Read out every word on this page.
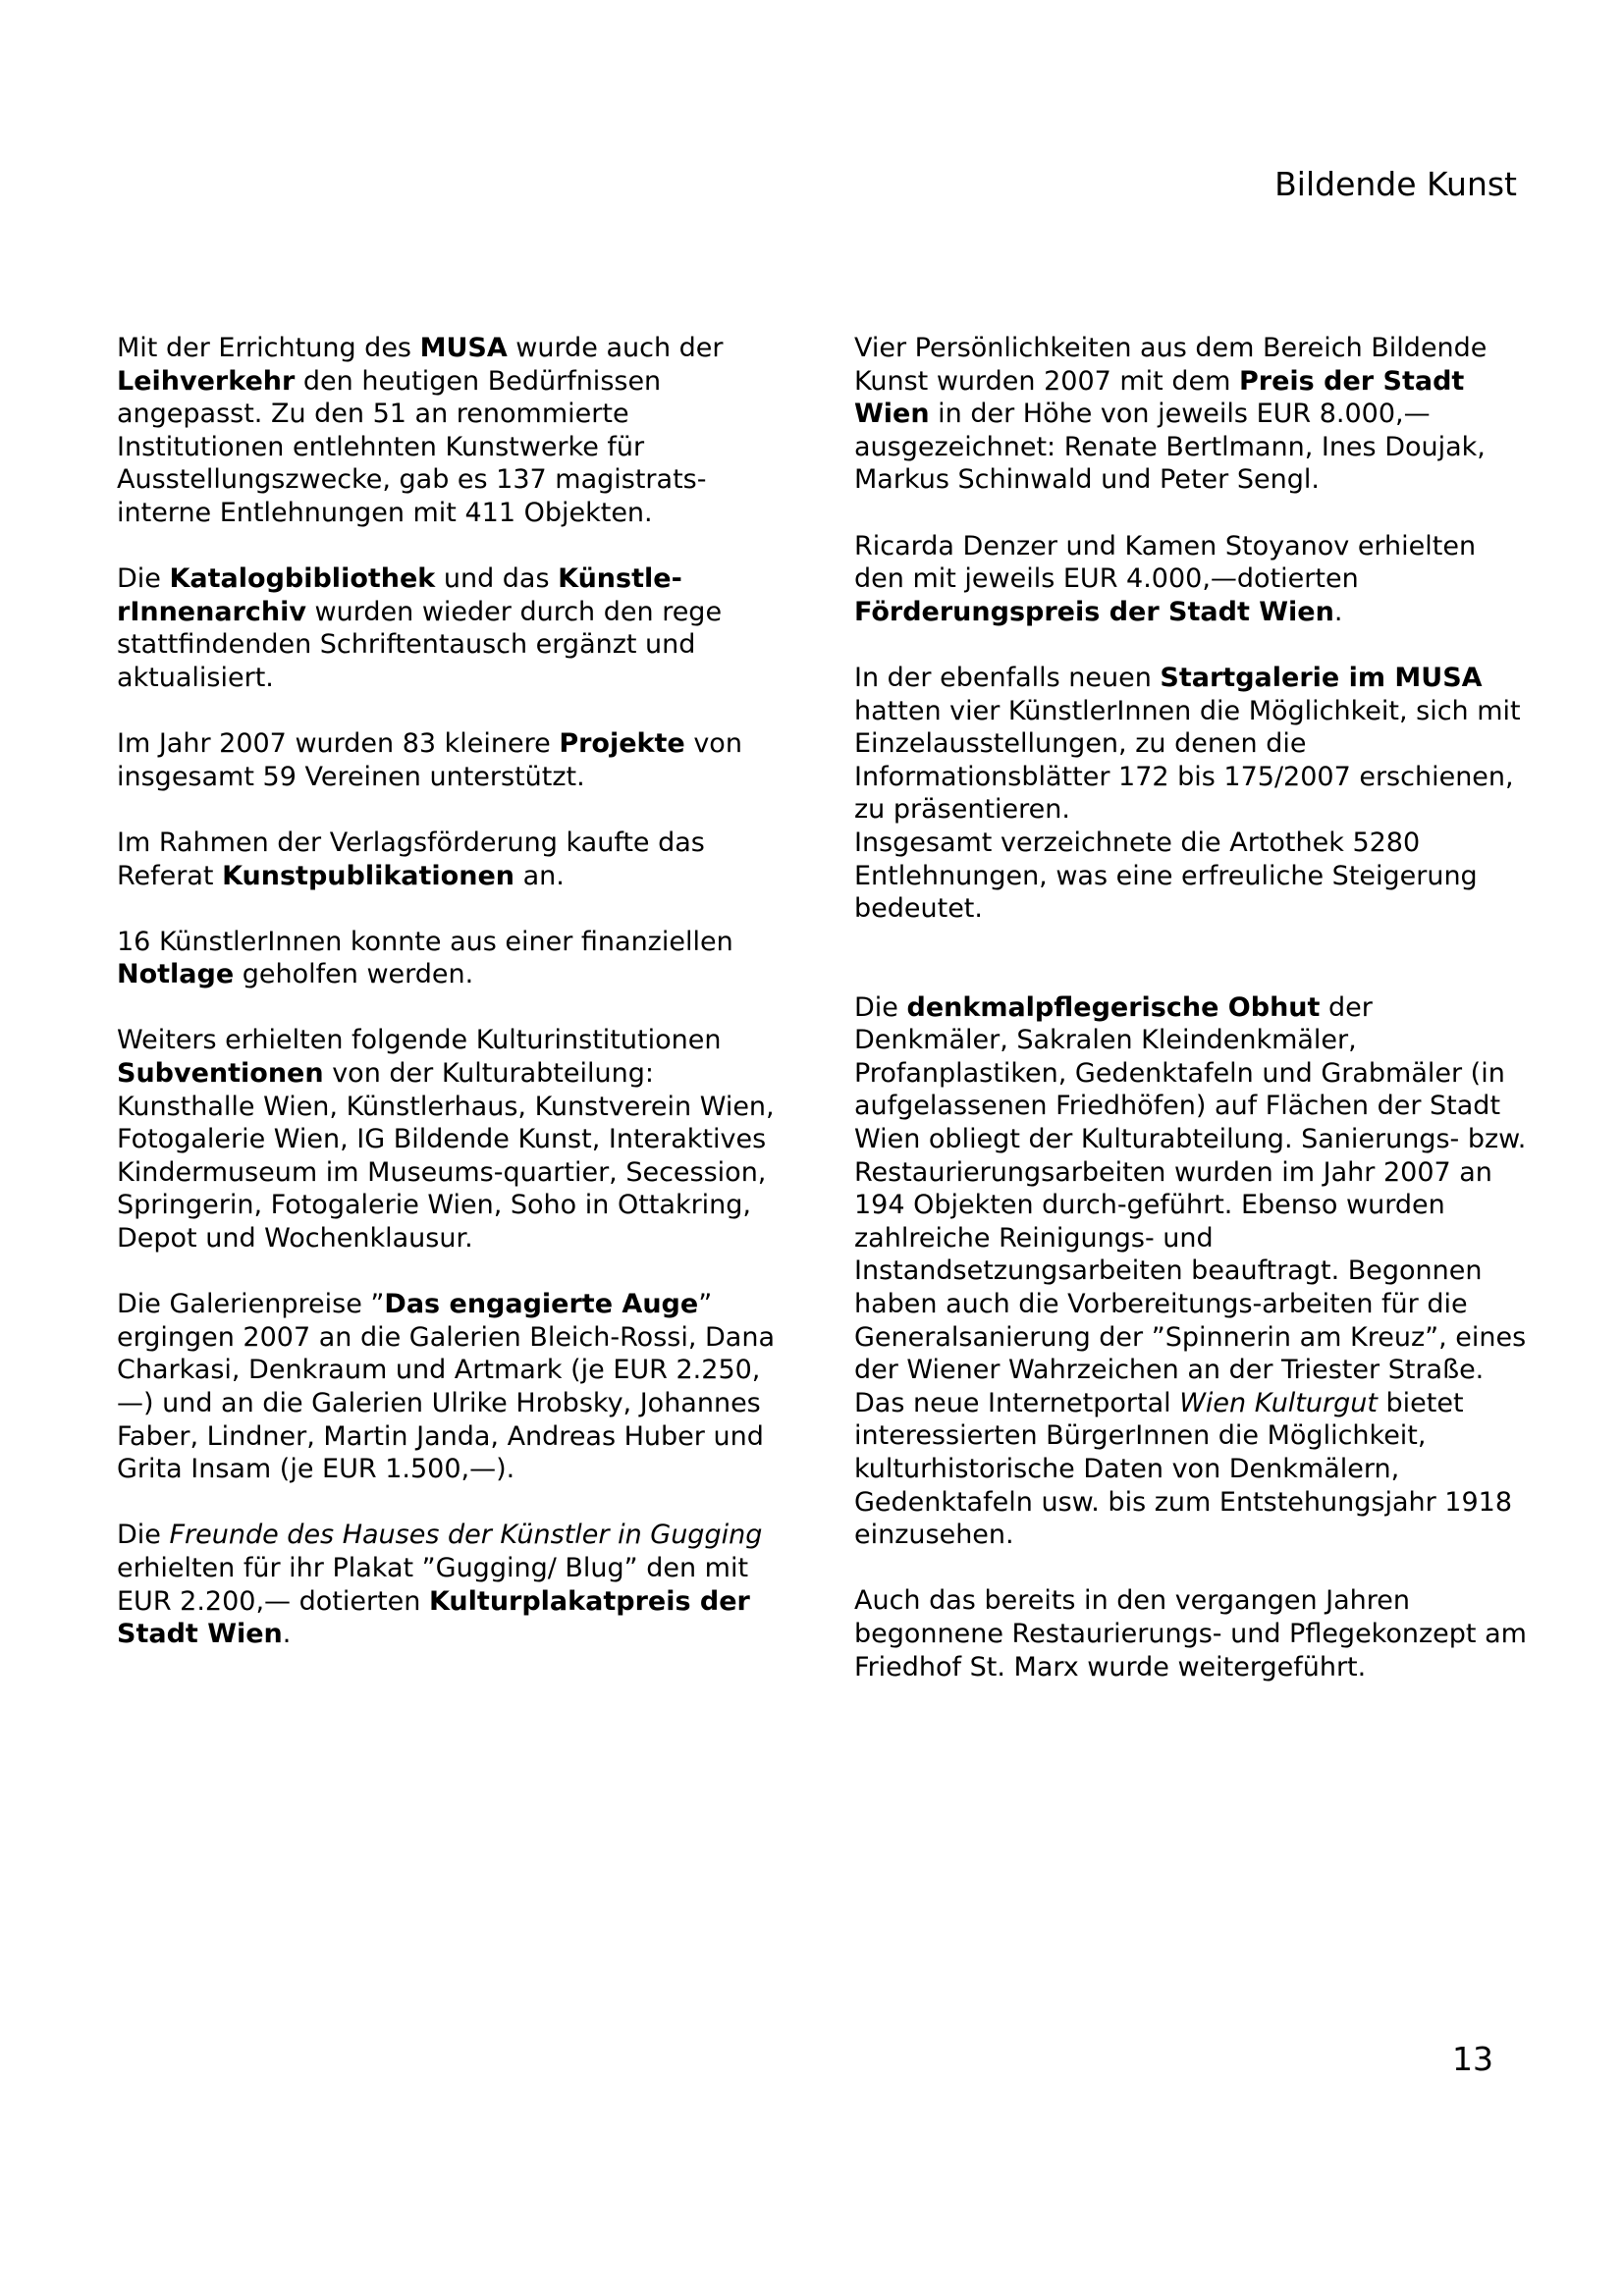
Bildende Kunst

Mit der Errichtung des MUSA wurde auch der Leihverkehr den heutigen Bedürfnissen angepasst. Zu den 51 an renommierte Institutionen entlehnten Kunstwerke für Ausstellungszwecke, gab es 137 magistrats-interne Entlehnungen mit 411 Objekten.

Die Katalogbibliothek und das Künstle-rInnenarchiv wurden wieder durch den rege stattfindenden Schriftentausch ergänzt und aktualisiert.

Im Jahr 2007 wurden 83 kleinere Projekte von insgesamt 59 Vereinen unterstützt.

Im Rahmen der Verlagsförderung kaufte das Referat Kunstpublikationen an.

16 KünstlerInnen konnte aus einer finanziellen Notlage geholfen werden.

Weiters erhielten folgende Kulturinstitutionen Subventionen von der Kulturabteilung: Kunsthalle Wien, Künstlerhaus, Kunstverein Wien, Fotogalerie Wien, IG Bildende Kunst, Interaktives Kindermuseum im Museums-quartier, Secession, Springerin, Fotogalerie Wien, Soho in Ottakring, Depot und Wochenklausur.

Die Galerienpreise ”Das engagierte Auge” ergingen 2007 an die Galerien Bleich-Rossi, Dana Charkasi, Denkraum und Artmark (je EUR 2.250,—) und an die Galerien Ulrike Hrobsky, Johannes Faber, Lindner, Martin Janda, Andreas Huber und Grita Insam (je EUR 1.500,—).

Die Freunde des Hauses der Künstler in Gugging erhielten für ihr Plakat ”Gugging/ Blug” den mit EUR 2.200,— dotierten Kulturplakatpreis der Stadt Wien.

Vier Persönlichkeiten aus dem Bereich Bildende Kunst wurden 2007 mit dem Preis der Stadt Wien in der Höhe von jeweils EUR 8.000,— ausgezeichnet: Renate Bertlmann, Ines Doujak, Markus Schinwald und Peter Sengl.

Ricarda Denzer und Kamen Stoyanov erhielten den mit jeweils EUR 4.000,—dotierten Förderungspreis der Stadt Wien.

In der ebenfalls neuen Startgalerie im MUSA hatten vier KünstlerInnen die Möglichkeit, sich mit Einzelausstellungen, zu denen die Informationsblätter 172 bis 175/2007 erschienen, zu präsentieren.

Insgesamt verzeichnete die Artothek 5280 Entlehnungen, was eine erfreuliche Steigerung bedeutet.

Die denkmalpflegerische Obhut der Denkmäler, Sakralen Kleindenkmäler, Profanplastiken, Gedenktafeln und Grabmäler (in aufgelassenen Friedhöfen) auf Flächen der Stadt Wien obliegt der Kulturabteilung. Sanierungs- bzw. Restaurierungsarbeiten wurden im Jahr 2007 an 194 Objekten durch-geführt. Ebenso wurden zahlreiche Reinigungs- und Instandsetzungsarbeiten beauftragt. Begonnen haben auch die Vorbereitungs-arbeiten für die Generalsanierung der ”Spinnerin am Kreuz”, eines der Wiener Wahrzeichen an der Triester Straße.

Das neue Internetportal Wien Kulturgut bietet interessierten BürgerInnen die Möglichkeit, kulturhistorische Daten von Denkmälern, Gedenktafeln usw. bis zum Entstehungsjahr 1918 einzusehen.

Auch das bereits in den vergangen Jahren begonnene Restaurierungs- und Pflegekonzept am Friedhof St. Marx wurde weitergeführt.

13
